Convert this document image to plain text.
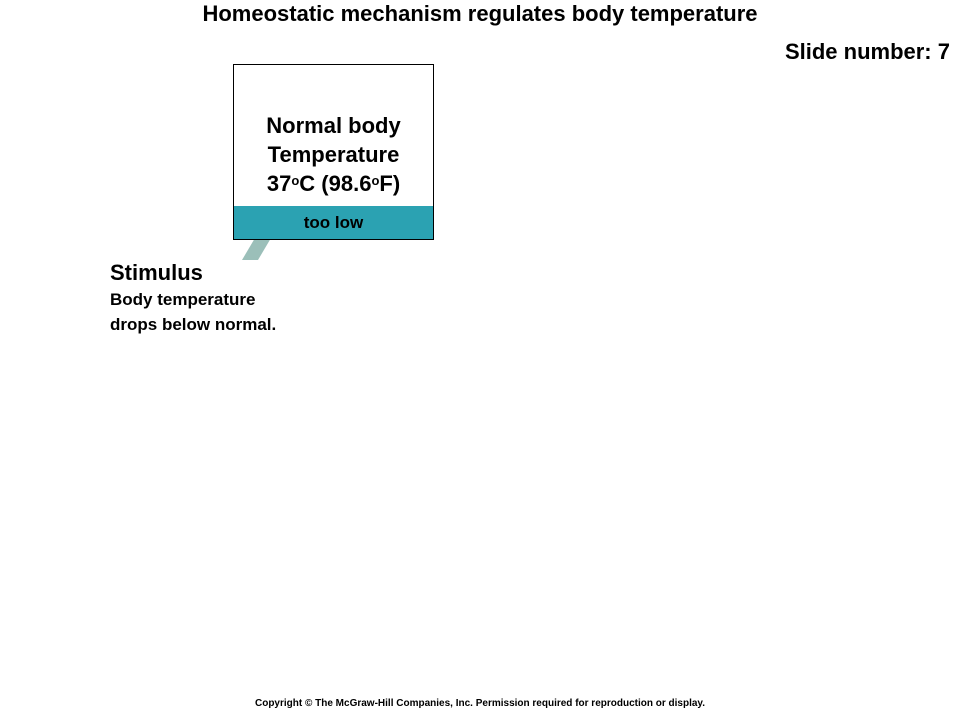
Homeostatic mechanism regulates body temperature
Slide number: 7
Normal body
Temperature
37$^o$C (98.6$^o$F)
too low
Stimulus
Body temperature
drops below normal.
Copyright © The McGraw-Hill Companies, Inc. Permission required for reproduction or display.
